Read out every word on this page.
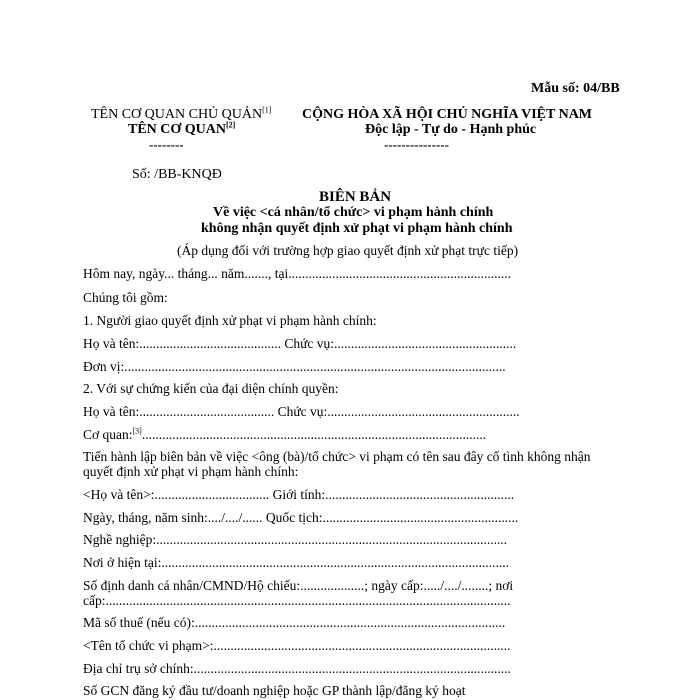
Mẫu số: 04/BB
TÊN CƠ QUAN CHỦ QUẢN[1]
TÊN CƠ QUAN[2]
--------
CỘNG HÒA XÃ HỘI CHỦ NGHĨA VIỆT NAM
Độc lập - Tự do - Hạnh phúc
---------------
Số: /BB-KNQĐ
BIÊN BẢN
Về việc <cá nhân/tổ chức> vi phạm hành chính
không nhận quyết định xử phạt vi phạm hành chính
(Áp dụng đối với trường hợp giao quyết định xử phạt trực tiếp)
Hôm nay, ngày... tháng... năm......., tại..................................................................
Chúng tôi gồm:
1. Người giao quyết định xử phạt vi phạm hành chính:
Họ và tên:.......................................... Chức vụ:......................................................
Đơn vị:.................................................................................................................
2. Với sự chứng kiến của đại diện chính quyền:
Họ và tên:........................................ Chức vụ:.........................................................
Cơ quan:[3]......................................................................................................
Tiến hành lập biên bản về việc <ông (bà)/tổ chức> vi phạm có tên sau đây cố tình không nhận
quyết định xử phạt vi phạm hành chính:
<Họ và tên>:.................................. Giới tính:........................................................
Ngày, tháng, năm sinh:..../..../...... Quốc tịch:..........................................................
Nghề nghiệp:........................................................................................................
Nơi ở hiện tại:.......................................................................................................
Số định danh cá nhân/CMND/Hộ chiếu:...................; ngày cấp:...../..../........; nơi
cấp:........................................................................................................................
Mã số thuế (nếu có):............................................................................................
<Tên tổ chức vi phạm>:........................................................................................
Địa chỉ trụ sở chính:..............................................................................................
Số GCN đăng ký đầu tư/doanh nghiệp hoặc GP thành lập/đăng ký hoạt
